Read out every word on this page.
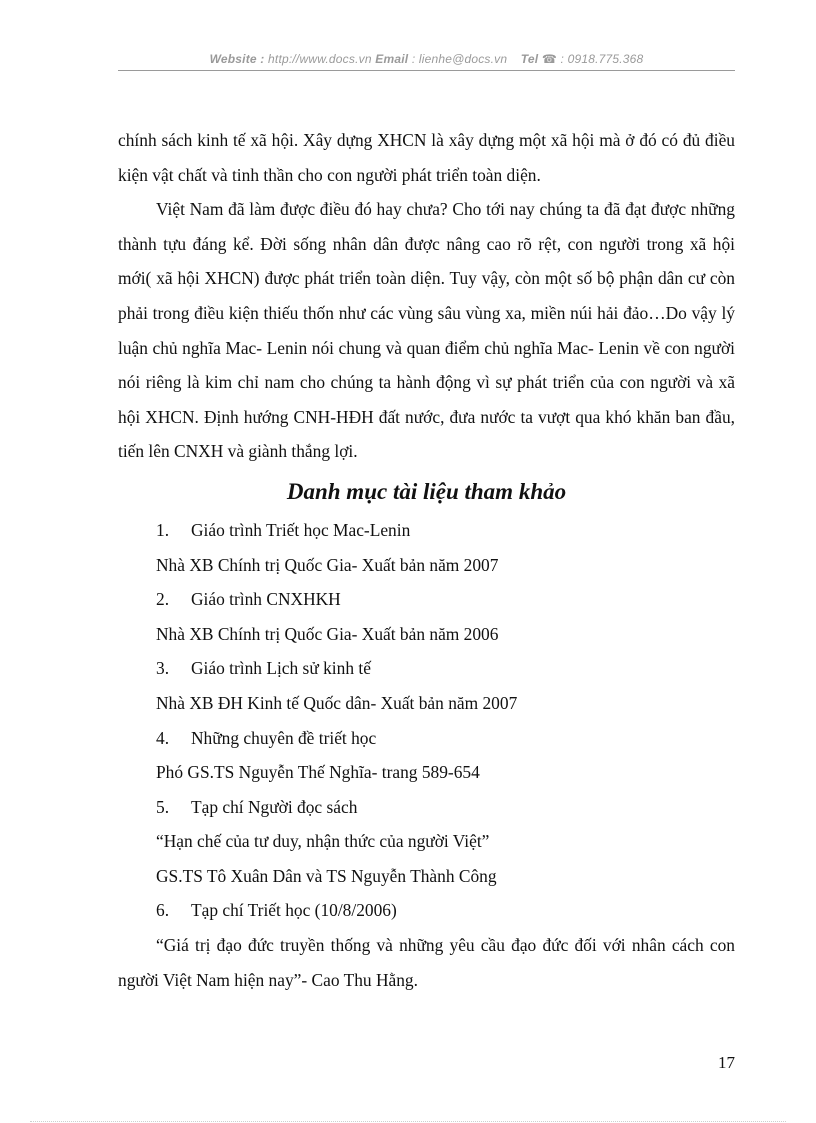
Website : http://www.docs.vn Email : lienhe@docs.vn Tel ☎ : 0918.775.368

chính sách kinh tế xã hội. Xây dựng XHCN là xây dựng một xã hội mà ở đó có đủ điều kiện vật chất và tinh thần cho con người phát triển toàn diện.

Việt Nam đã làm được điều đó hay chưa? Cho tới nay chúng ta đã đạt được những thành tựu đáng kể. Đời sống nhân dân được nâng cao rõ rệt, con người trong xã hội mới( xã hội XHCN) được phát triển toàn diện. Tuy vậy, còn một số bộ phận dân cư còn phải trong điều kiện thiếu thốn như các vùng sâu vùng xa, miền núi hải đảo…Do vậy lý luận chủ nghĩa Mac- Lenin nói chung và quan điểm chủ nghĩa Mac- Lenin về con người nói riêng là kim chỉ nam cho chúng ta hành động vì sự phát triển của con người và xã hội XHCN. Định hướng CNH-HĐH đất nước, đưa nước ta vượt qua khó khăn ban đầu, tiến lên CNXH và giành thắng lợi.

Danh mục tài liệu tham khảo
1.	Giáo trình Triết học Mac-Lenin
Nhà XB Chính trị Quốc Gia- Xuất bản năm 2007
2.	Giáo trình CNXHKH
Nhà XB Chính trị Quốc Gia- Xuất bản năm 2006
3.	Giáo trình Lịch sử kinh tế
Nhà XB ĐH Kinh tế Quốc dân- Xuất bản năm 2007
4.	Những chuyên đề triết học
Phó GS.TS Nguyễn Thế Nghĩa- trang 589-654
5.	Tạp chí Người đọc sách
“Hạn chế của tư duy, nhận thức của người Việt”
GS.TS Tô Xuân Dân và TS Nguyễn Thành Công
6.	Tạp chí Triết học (10/8/2006)
“Giá trị đạo đức truyền thống và những yêu cầu đạo đức đối với nhân cách con người Việt Nam hiện nay”- Cao Thu Hằng.
17
